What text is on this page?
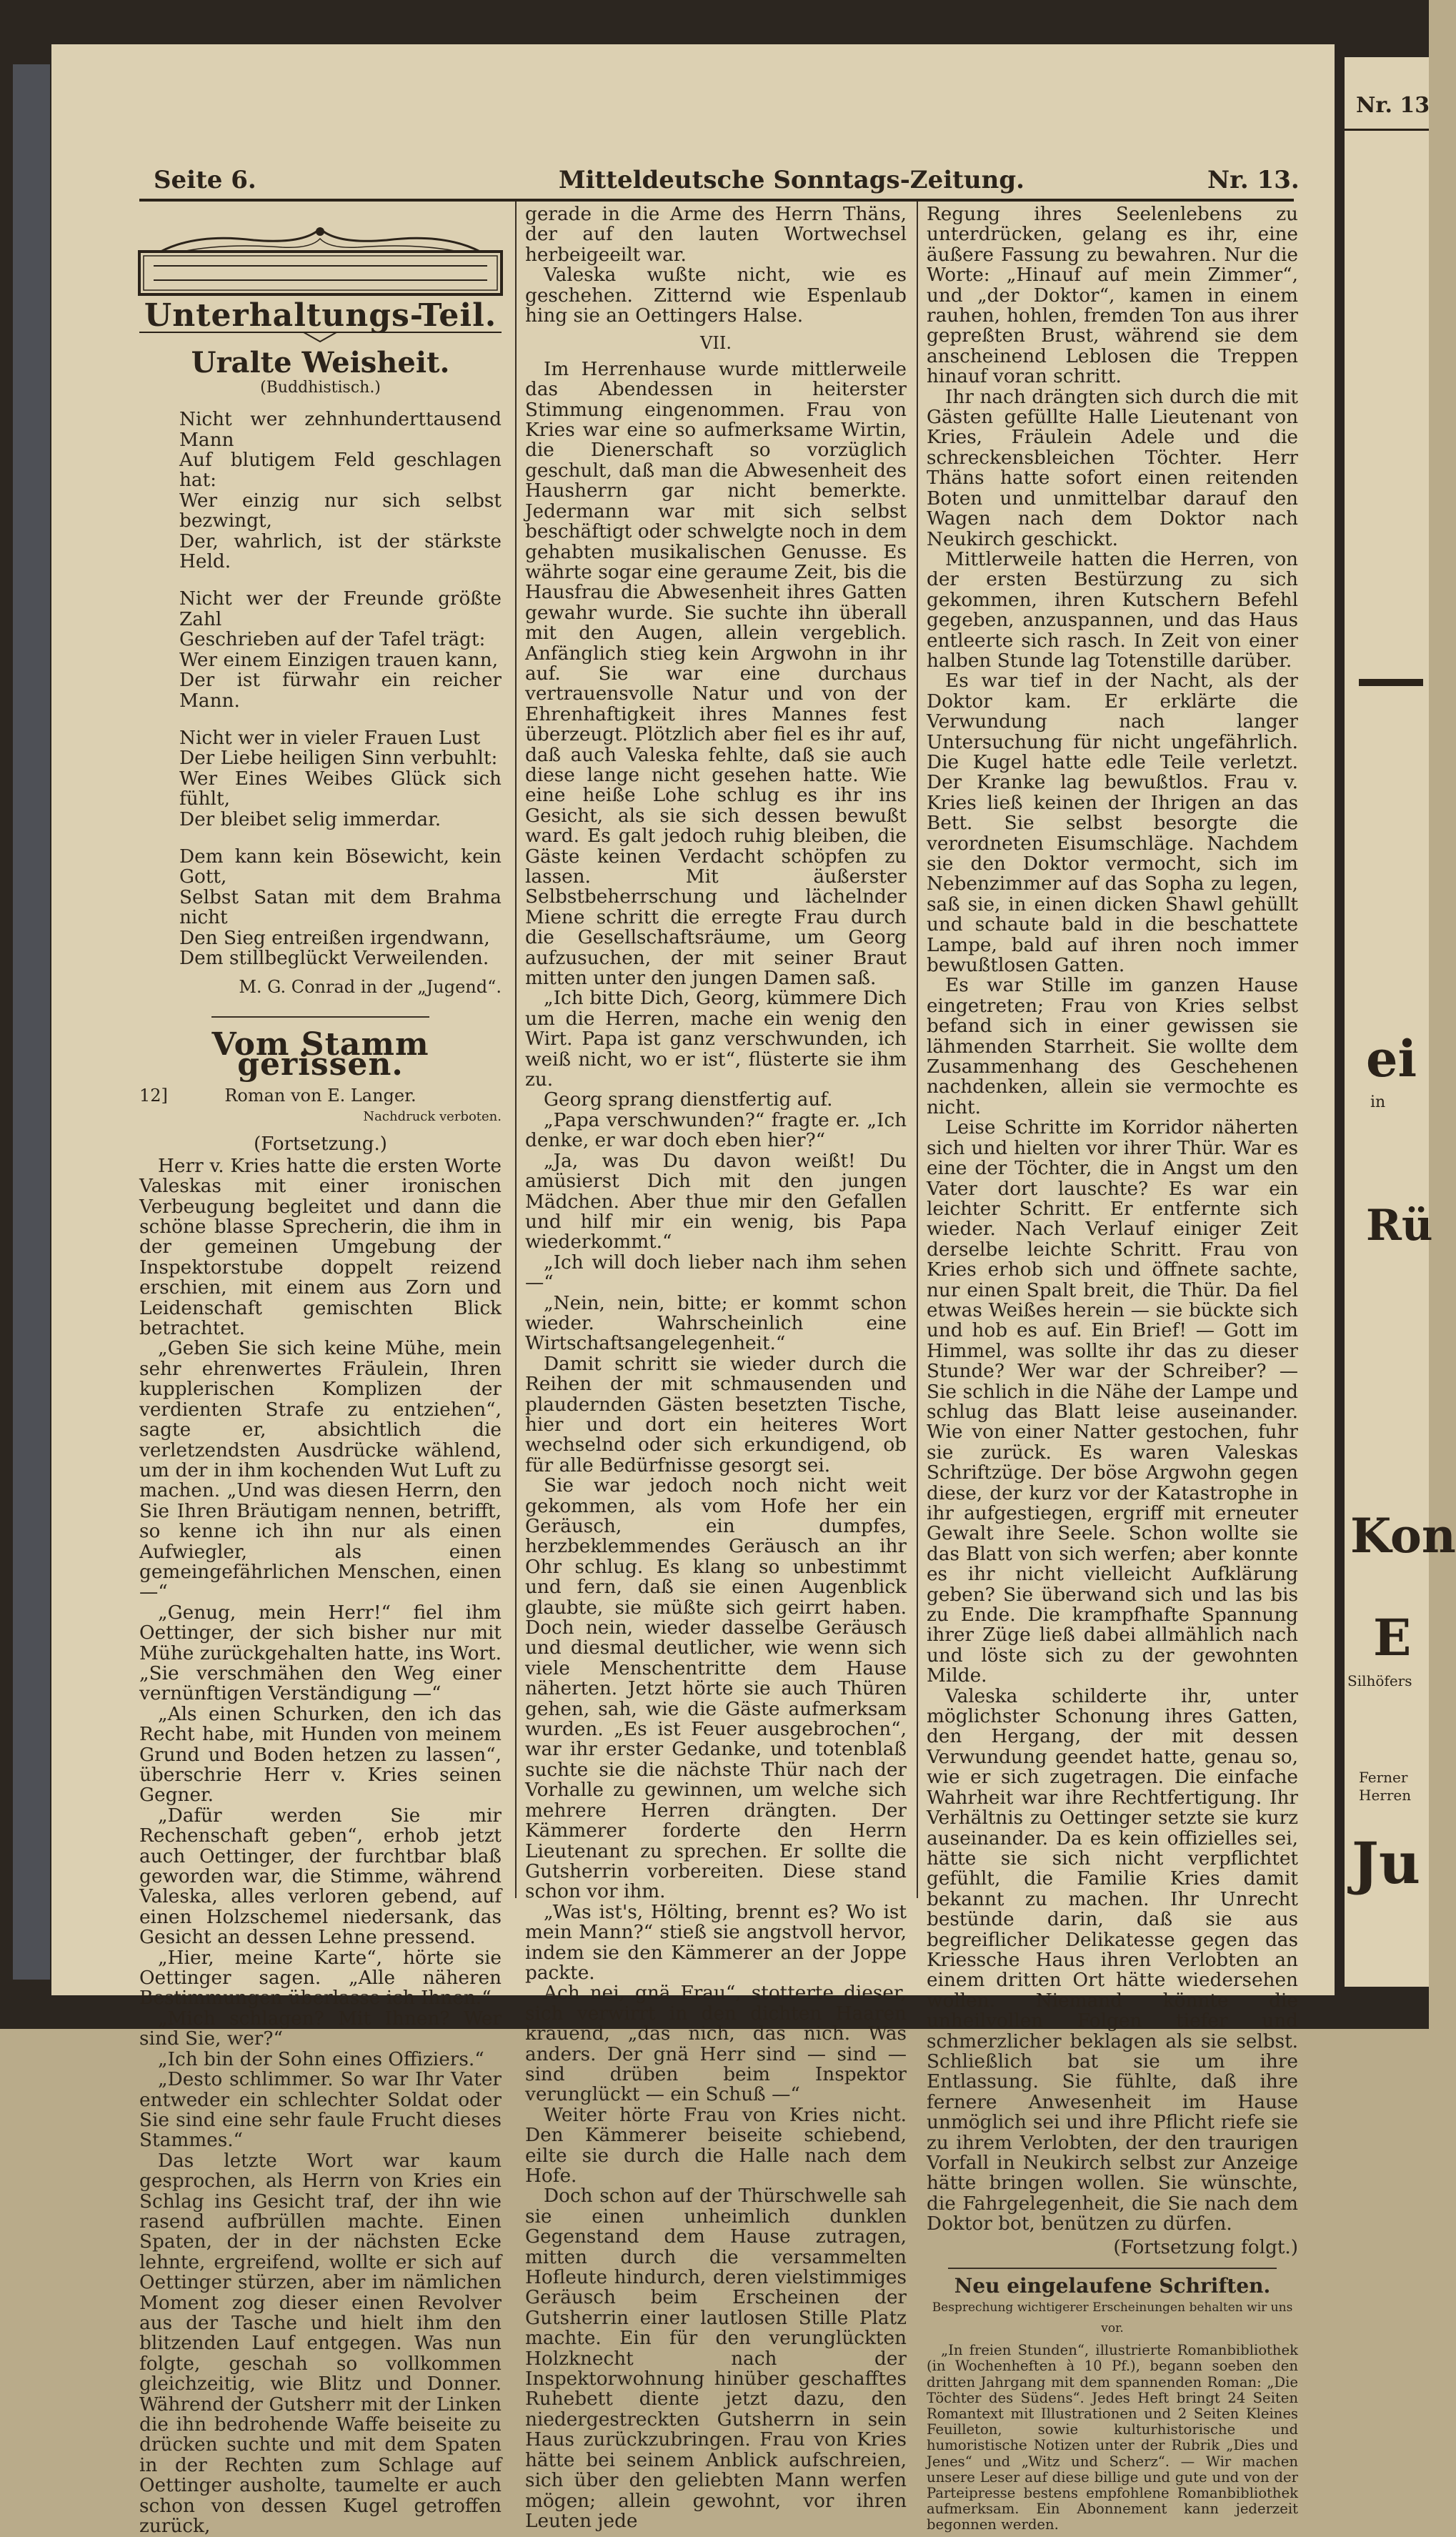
Nr. 13
ei
in
Rü
Kon
E
Silhöfers
Ferner
Herren
Ju
Seite 6.	Mitteldeutsche Sonntags-Zeitung.	Nr. 13.
Unterhaltungs-Teil.
Uralte Weisheit.
(Buddhistisch.)
Nicht wer zehnhunderttausend Mann
Auf blutigem Feld geschlagen hat:
Wer einzig nur sich selbst bezwingt,
Der, wahrlich, ist der stärkste Held.
Nicht wer der Freunde größte Zahl
Geschrieben auf der Tafel trägt:
Wer einem Einzigen trauen kann,
Der ist fürwahr ein reicher Mann.
Nicht wer in vieler Frauen Lust
Der Liebe heiligen Sinn verbuhlt:
Wer Eines Weibes Glück sich fühlt,
Der bleibet selig immerdar.
Dem kann kein Bösewicht, kein Gott,
Selbst Satan mit dem Brahma nicht
Den Sieg entreißen irgendwann,
Dem stillbeglückt Verweilenden.
M. G. Conrad in der „Jugend“.
Vom Stamm gerissen.
12]	Roman von E. Langer.
Nachdruck verboten.
(Fortsetzung.)

Herr v. Kries hatte die ersten Worte Valeskas mit einer ironischen Verbeugung begleitet und dann die schöne blasse Sprecherin, die ihm in der gemeinen Umgebung der Inspektorstube doppelt reizend erschien, mit einem aus Zorn und Leidenschaft gemischten Blick betrachtet.

„Geben Sie sich keine Mühe, mein sehr ehrenwertes Fräulein, Ihren kupplerischen Komplizen der verdienten Strafe zu entziehen“, sagte er, absichtlich die verletzendsten Ausdrücke wählend, um der in ihm kochenden Wut Luft zu machen. „Und was diesen Herrn, den Sie Ihren Bräutigam nennen, betrifft, so kenne ich ihn nur als einen Aufwiegler, als einen gemeingefährlichen Menschen, einen —“

„Genug, mein Herr!“ fiel ihm Oettinger, der sich bisher nur mit Mühe zurückgehalten hatte, ins Wort. „Sie verschmähen den Weg einer vernünftigen Verständigung —“

„Als einen Schurken, den ich das Recht habe, mit Hunden von meinem Grund und Boden hetzen zu lassen“, überschrie Herr v. Kries seinen Gegner.

„Dafür werden Sie mir Rechenschaft geben“, erhob jetzt auch Oettinger, der furchtbar blaß geworden war, die Stimme, während Valeska, alles verloren gebend, auf einen Holzschemel niedersank, das Gesicht an dessen Lehne pressend.

„Hier, meine Karte“, hörte sie Oettinger sagen. „Alle näheren Bestimmungen überlasse ich Ihnen.“

„Mich schlagen? Mit Ihnen? Wer sind Sie, wer?“

„Ich bin der Sohn eines Offiziers.“

„Desto schlimmer. So war Ihr Vater entweder ein schlechter Soldat oder Sie sind eine sehr faule Frucht dieses Stammes.“

Das letzte Wort war kaum gesprochen, als Herrn von Kries ein Schlag ins Gesicht traf, der ihn wie rasend aufbrüllen machte. Einen Spaten, der in der nächsten Ecke lehnte, ergreifend, wollte er sich auf Oettinger stürzen, aber im nämlichen Moment zog dieser einen Revolver aus der Tasche und hielt ihm den blitzenden Lauf entgegen. Was nun folgte, geschah so vollkommen gleichzeitig, wie Blitz und Donner. Während der Gutsherr mit der Linken die ihn bedrohende Waffe beiseite zu drücken suchte und mit dem Spaten in der Rechten zum Schlage auf Oettinger ausholte, taumelte er auch schon von dessen Kugel getroffen zurück,

gerade in die Arme des Herrn Thäns, der auf den lauten Wortwechsel herbeigeeilt war.

Valeska wußte nicht, wie es geschehen. Zitternd wie Espenlaub hing sie an Oettingers Halse.

VII.

Im Herrenhause wurde mittlerweile das Abendessen in heiterster Stimmung eingenommen. Frau von Kries war eine so aufmerksame Wirtin, die Dienerschaft so vorzüglich geschult, daß man die Abwesenheit des Hausherrn gar nicht bemerkte. Jedermann war mit sich selbst beschäftigt oder schwelgte noch in dem gehabten musikalischen Genusse. Es währte sogar eine geraume Zeit, bis die Hausfrau die Abwesenheit ihres Gatten gewahr wurde. Sie suchte ihn überall mit den Augen, allein vergeblich. Anfänglich stieg kein Argwohn in ihr auf. Sie war eine durchaus vertrauensvolle Natur und von der Ehrenhaftigkeit ihres Mannes fest überzeugt. Plötzlich aber fiel es ihr auf, daß auch Valeska fehlte, daß sie auch diese lange nicht gesehen hatte. Wie eine heiße Lohe schlug es ihr ins Gesicht, als sie sich dessen bewußt ward. Es galt jedoch ruhig bleiben, die Gäste keinen Verdacht schöpfen zu lassen. Mit äußerster Selbstbeherrschung und lächelnder Miene schritt die erregte Frau durch die Gesellschaftsräume, um Georg aufzusuchen, der mit seiner Braut mitten unter den jungen Damen saß.

„Ich bitte Dich, Georg, kümmere Dich um die Herren, mache ein wenig den Wirt. Papa ist ganz verschwunden, ich weiß nicht, wo er ist“, flüsterte sie ihm zu.

Georg sprang dienstfertig auf.

„Papa verschwunden?“ fragte er. „Ich denke, er war doch eben hier?“

„Ja, was Du davon weißt! Du amüsierst Dich mit den jungen Mädchen. Aber thue mir den Gefallen und hilf mir ein wenig, bis Papa wiederkommt.“

„Ich will doch lieber nach ihm sehen —“

„Nein, nein, bitte; er kommt schon wieder. Wahrscheinlich eine Wirtschaftsangelegenheit.“

Damit schritt sie wieder durch die Reihen der mit schmausenden und plaudernden Gästen besetzten Tische, hier und dort ein heiteres Wort wechselnd oder sich erkundigend, ob für alle Bedürfnisse gesorgt sei.

Sie war jedoch noch nicht weit gekommen, als vom Hofe her ein Geräusch, ein dumpfes, herzbeklemmendes Geräusch an ihr Ohr schlug. Es klang so unbestimmt und fern, daß sie einen Augenblick glaubte, sie müßte sich geirrt haben. Doch nein, wieder dasselbe Geräusch und diesmal deutlicher, wie wenn sich viele Menschentritte dem Hause näherten. Jetzt hörte sie auch Thüren gehen, sah, wie die Gäste aufmerksam wurden. „Es ist Feuer ausgebrochen“, war ihr erster Gedanke, und totenblaß suchte sie die nächste Thür nach der Vorhalle zu gewinnen, um welche sich mehrere Herren drängten. Der Kämmerer forderte den Herrn Lieutenant zu sprechen. Er sollte die Gutsherrin vorbereiten. Diese stand schon vor ihm.

„Was ist's, Hölting, brennt es? Wo ist mein Mann?“ stieß sie angstvoll hervor, indem sie den Kämmerer an der Joppe packte.

Ach nei, gnä Frau“, stotterte dieser, sich verwirrt in den dichten Haaren krauend, „das nich, das nich. Was anders. Der gnä Herr sind — sind — sind drüben beim Inspektor verunglückt — ein Schuß —“

Weiter hörte Frau von Kries nicht. Den Kämmerer beiseite schiebend, eilte sie durch die Halle nach dem Hofe.

Doch schon auf der Thürschwelle sah sie einen unheimlich dunklen Gegenstand dem Hause zutragen, mitten durch die versammelten Hofleute hindurch, deren vielstimmiges Geräusch beim Erscheinen der Gutsherrin einer lautlosen Stille Platz machte. Ein für den verunglückten Holzknecht nach der Inspektorwohnung hinüber geschafftes Ruhebett diente jetzt dazu, den niedergestreckten Gutsherrn in sein Haus zurückzubringen. Frau von Kries hätte bei seinem Anblick aufschreien, sich über den geliebten Mann werfen mögen; allein gewohnt, vor ihren Leuten jede

Regung ihres Seelenlebens zu unterdrücken, gelang es ihr, eine äußere Fassung zu bewahren. Nur die Worte: „Hinauf auf mein Zimmer“, und „der Doktor“, kamen in einem rauhen, hohlen, fremden Ton aus ihrer gepreßten Brust, während sie dem anscheinend Leblosen die Treppen hinauf voran schritt.

Ihr nach drängten sich durch die mit Gästen gefüllte Halle Lieutenant von Kries, Fräulein Adele und die schreckensbleichen Töchter. Herr Thäns hatte sofort einen reitenden Boten und unmittelbar darauf den Wagen nach dem Doktor nach Neukirch geschickt.

Mittlerweile hatten die Herren, von der ersten Bestürzung zu sich gekommen, ihren Kutschern Befehl gegeben, anzuspannen, und das Haus entleerte sich rasch. In Zeit von einer halben Stunde lag Totenstille darüber.

Es war tief in der Nacht, als der Doktor kam. Er erklärte die Verwundung nach langer Untersuchung für nicht ungefährlich. Die Kugel hatte edle Teile verletzt. Der Kranke lag bewußtlos. Frau v. Kries ließ keinen der Ihrigen an das Bett. Sie selbst besorgte die verordneten Eisumschläge. Nachdem sie den Doktor vermocht, sich im Nebenzimmer auf das Sopha zu legen, saß sie, in einen dicken Shawl gehüllt und schaute bald in die beschattete Lampe, bald auf ihren noch immer bewußtlosen Gatten.

Es war Stille im ganzen Hause eingetreten; Frau von Kries selbst befand sich in einer gewissen sie lähmenden Starrheit. Sie wollte dem Zusammenhang des Geschehenen nachdenken, allein sie vermochte es nicht.

Leise Schritte im Korridor näherten sich und hielten vor ihrer Thür. War es eine der Töchter, die in Angst um den Vater dort lauschte? Es war ein leichter Schritt. Er entfernte sich wieder. Nach Verlauf einiger Zeit derselbe leichte Schritt. Frau von Kries erhob sich und öffnete sachte, nur einen Spalt breit, die Thür. Da fiel etwas Weißes herein — sie bückte sich und hob es auf. Ein Brief! — Gott im Himmel, was sollte ihr das zu dieser Stunde? Wer war der Schreiber? — Sie schlich in die Nähe der Lampe und schlug das Blatt leise auseinander. Wie von einer Natter gestochen, fuhr sie zurück. Es waren Valeskas Schriftzüge. Der böse Argwohn gegen diese, der kurz vor der Katastrophe in ihr aufgestiegen, ergriff mit erneuter Gewalt ihre Seele. Schon wollte sie das Blatt von sich werfen; aber konnte es ihr nicht vielleicht Aufklärung geben? Sie überwand sich und las bis zu Ende. Die krampfhafte Spannung ihrer Züge ließ dabei allmählich nach und löste sich zu der gewohnten Milde.

Valeska schilderte ihr, unter möglichster Schonung ihres Gatten, den Hergang, der mit dessen Verwundung geendet hatte, genau so, wie er sich zugetragen. Die einfache Wahrheit war ihre Rechtfertigung. Ihr Verhältnis zu Oettinger setzte sie kurz auseinander. Da es kein offizielles sei, hätte sie sich nicht verpflichtet gefühlt, die Familie Kries damit bekannt zu machen. Ihr Unrecht bestünde darin, daß sie aus begreiflicher Delikatesse gegen das Kriessche Haus ihren Verlobten an einem dritten Ort hätte wiedersehen wollen. Niemand könnte die unheilvollen Folgen tiefer und schmerzlicher beklagen als sie selbst. Schließlich bat sie um ihre Entlassung. Sie fühlte, daß ihre fernere Anwesenheit im Hause unmöglich sei und ihre Pflicht riefe sie zu ihrem Verlobten, der den traurigen Vorfall in Neukirch selbst zur Anzeige hätte bringen wollen. Sie wünschte, die Fahrgelegenheit, die Sie nach dem Doktor bot, benützen zu dürfen.

(Fortsetzung folgt.)
Neu eingelaufene Schriften.
Besprechung wichtigerer Erscheinungen behalten wir uns vor.

„In freien Stunden“, illustrierte Romanbibliothek (in Wochenheften à 10 Pf.), begann soeben den dritten Jahrgang mit dem spannenden Roman: „Die Töchter des Südens“. Jedes Heft bringt 24 Seiten Romantext mit Illustrationen und 2 Seiten Kleines Feuilleton, sowie kulturhistorische und humoristische Notizen unter der Rubrik „Dies und Jenes“ und „Witz und Scherz“. — Wir machen unsere Leser auf diese billige und gute und von der Parteipresse bestens empfohlene Romanbibliothek aufmerksam. Ein Abonnement kann jederzeit begonnen werden.
